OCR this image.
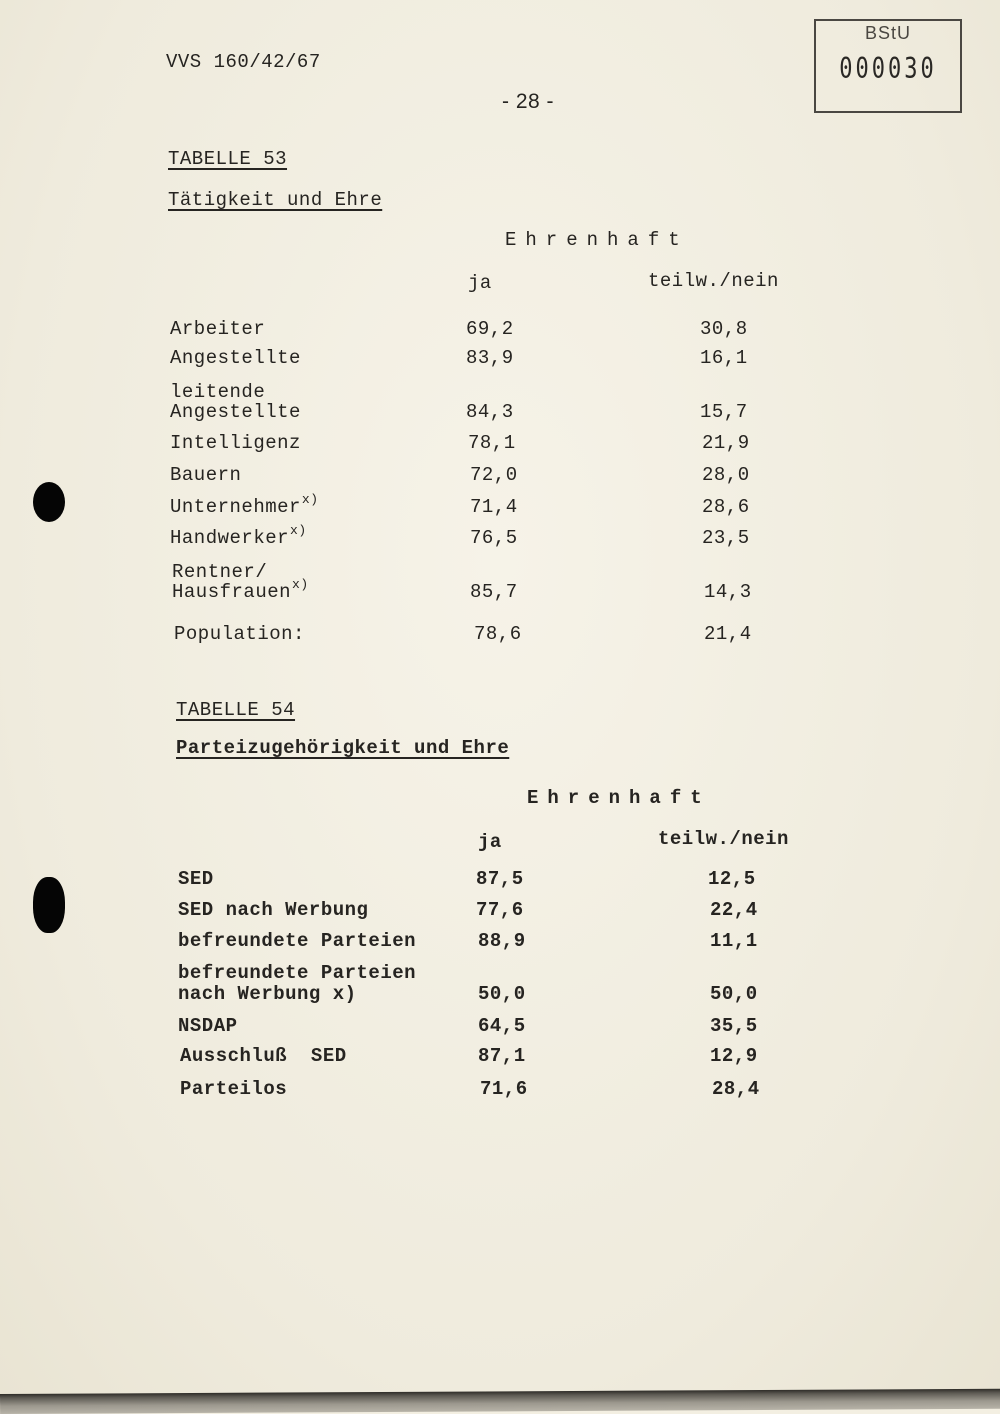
VVS 160/42/67
- 28 -
BStU
000030
TABELLE 53
Tätigkeit und Ehre
Ehrenhaft
ja	teilw./nein
Arbeiter	69,2	30,8
Angestellte	83,9	16,1
leitende
Angestellte	84,3	15,7
Intelligenz	78,1	21,9
Bauern	72,0	28,0
Unternehmer$^{x)}$	71,4	28,6
Handwerker$^{x)}$	76,5	23,5
Rentner/
Hausfrauen$^{x)}$	85,7	14,3
Population:	78,6	21,4
TABELLE 54
Parteizugehörigkeit und Ehre
Ehrenhaft
ja	teilw./nein
SED	87,5	12,5
SED nach Werbung	77,6	22,4
befreundete Parteien	88,9	11,1
befreundete Parteien
nach Werbung x)	50,0	50,0
NSDAP	64,5	35,5
Ausschluß  SED	87,1	12,9
Parteilos	71,6	28,4
